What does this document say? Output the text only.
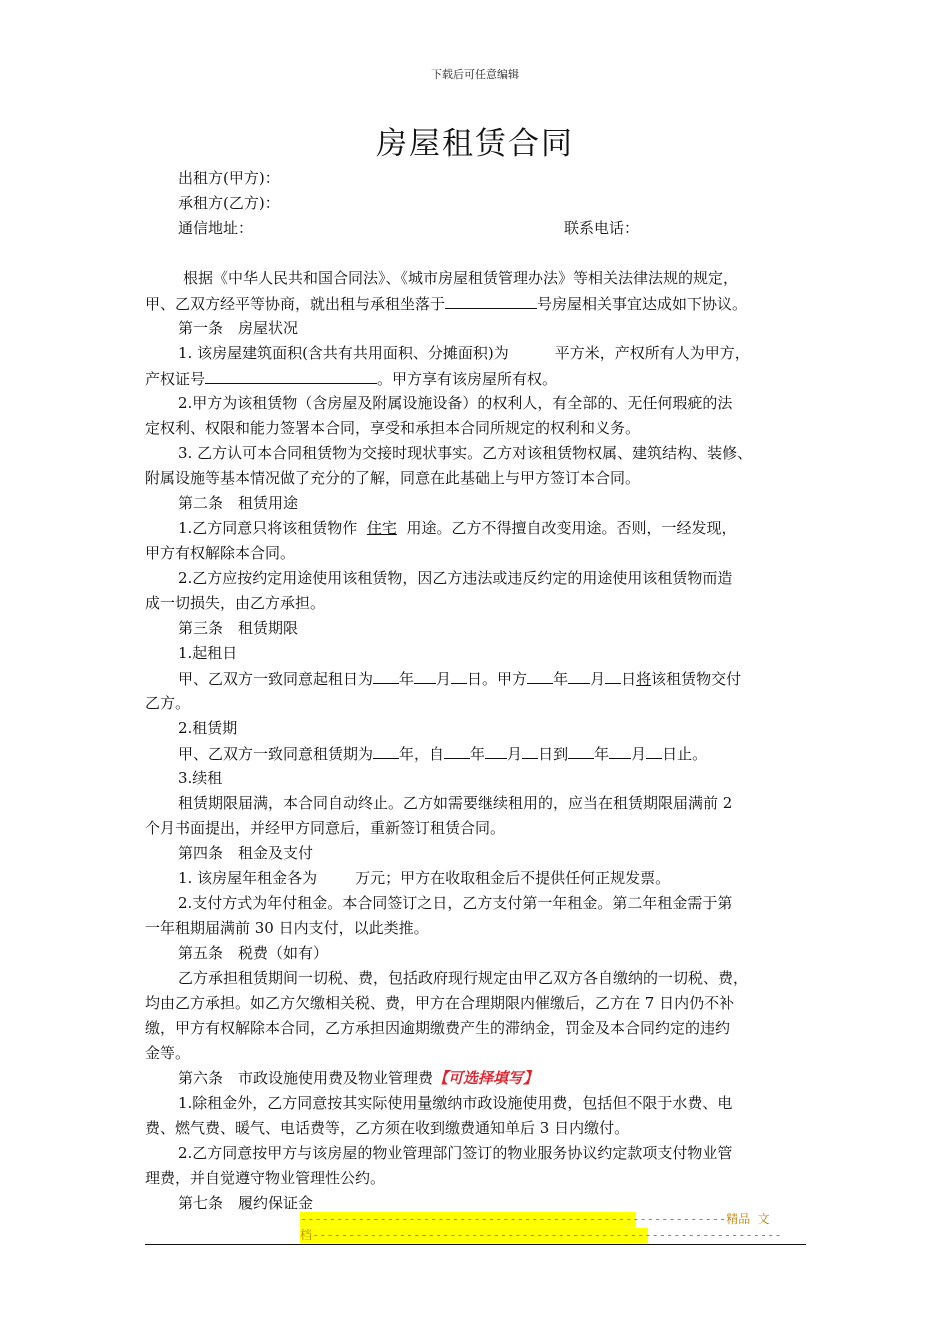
下载后可任意编辑
房屋租赁合同
出租方(甲方)：
承租方(乙方)：
通信地址：	联系电话：
根据《中华人民共和国合同法》、《城市房屋租赁管理办法》等相关法律法规的规定，
甲、乙双方经平等协商，就出租与承租坐落于	号房屋相关事宜达成如下协议。
第一条　房屋状况
1. 该房屋建筑面积(含共有共用面积、分摊面积)为	平方米，产权所有人为甲方，
产权证号	。甲方享有该房屋所有权。
2.甲方为该租赁物（含房屋及附属设施设备）的权利人，有全部的、无任何瑕疵的法
定权利、权限和能力签署本合同，享受和承担本合同所规定的权利和义务。
3. 乙方认可本合同租赁物为交接时现状事实。乙方对该租赁物权属、建筑结构、装修、
附属设施等基本情况做了充分的了解，同意在此基础上与甲方签订本合同。
第二条　租赁用途
1.乙方同意只将该租赁物作 住宅 用途。乙方不得擅自改变用途。否则，一经发现，
甲方有权解除本合同。
2.乙方应按约定用途使用该租赁物，因乙方违法或违反约定的用途使用该租赁物而造
成一切损失，由乙方承担。
第三条　租赁期限
1.起租日
甲、乙双方一致同意起租日为 年 月 日。甲方 年 月 日将该租赁物交付
乙方。
2.租赁期
甲、乙双方一致同意租赁期为 年，自 年 月 日到 年 月 日止。
3.续租
租赁期限届满，本合同自动终止。乙方如需要继续租用的，应当在租赁期限届满前 2
个月书面提出，并经甲方同意后，重新签订租赁合同。
第四条　租金及支付
1. 该房屋年租金各为	万元；甲方在收取租金后不提供任何正规发票。
2.支付方式为年付租金。本合同签订之日，乙方支付第一年租金。第二年租金需于第
一年租期届满前 30 日内支付，以此类推。
第五条　税费（如有）
乙方承担租赁期间一切税、费，包括政府现行规定由甲乙双方各自缴纳的一切税、费，
均由乙方承担。如乙方欠缴相关税、费，甲方在合理期限内催缴后，乙方在 7 日内仍不补
缴，甲方有权解除本合同，乙方承担因逾期缴费产生的滞纳金，罚金及本合同约定的违约
金等。
第六条　市政设施使用费及物业管理费【可选择填写】
1.除租金外，乙方同意按其实际使用量缴纳市政设施使用费，包括但不限于水费、电
费、燃气费、暖气、电话费等，乙方须在收到缴费通知单后 3 日内缴付。
2.乙方同意按甲方与该房屋的物业管理部门签订的物业服务协议约定款项支付物业管
理费，并自觉遵守物业管理性公约。
第七条　履约保证金
-----------------------------------------------------------精品 文
档-----------------------------------------------------------------
